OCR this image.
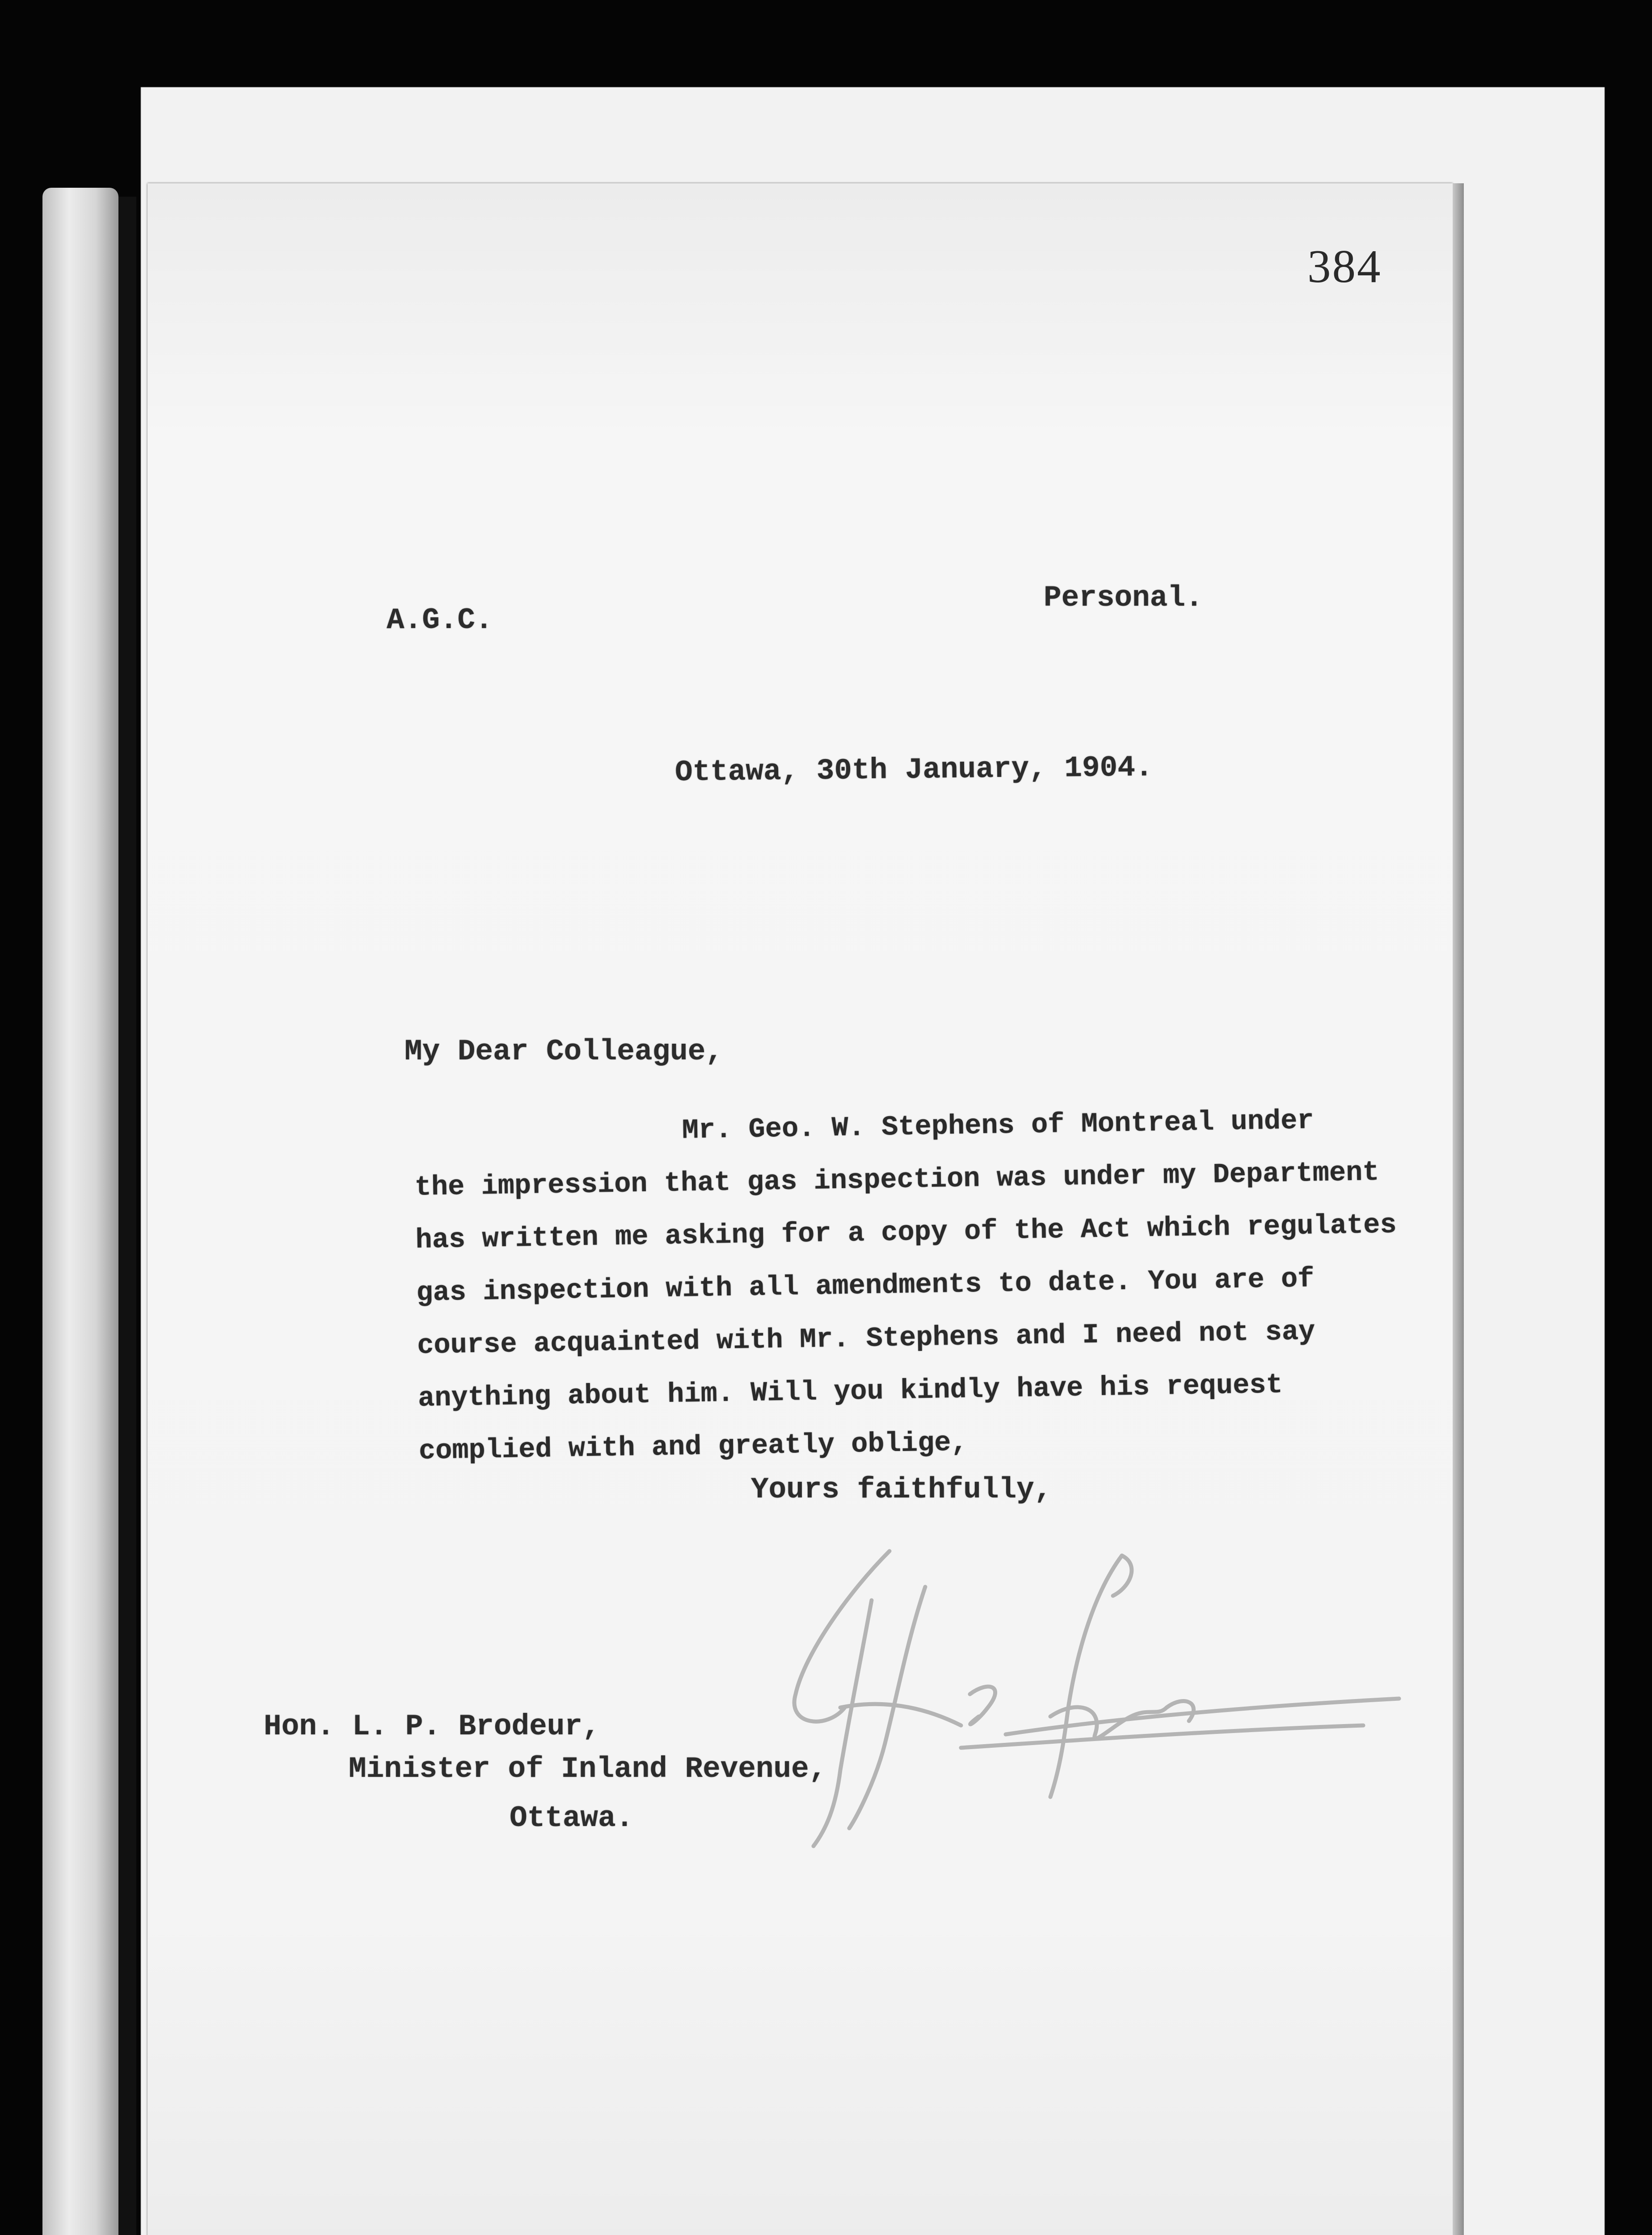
384
A.G.C.
Personal.
Ottawa, 30th January, 1904.
My Dear Colleague,
Mr. Geo. W. Stephens of Montreal under
the impression that gas inspection was under my Department
has written me asking for a copy of the Act which regulates
gas inspection with all amendments to date. You are of
course acquainted with Mr. Stephens and I need not say
anything about him. Will you kindly have his request
complied with and greatly oblige,
Yours faithfully,
Hon. L. P. Brodeur,
Minister of Inland Revenue,
Ottawa.
